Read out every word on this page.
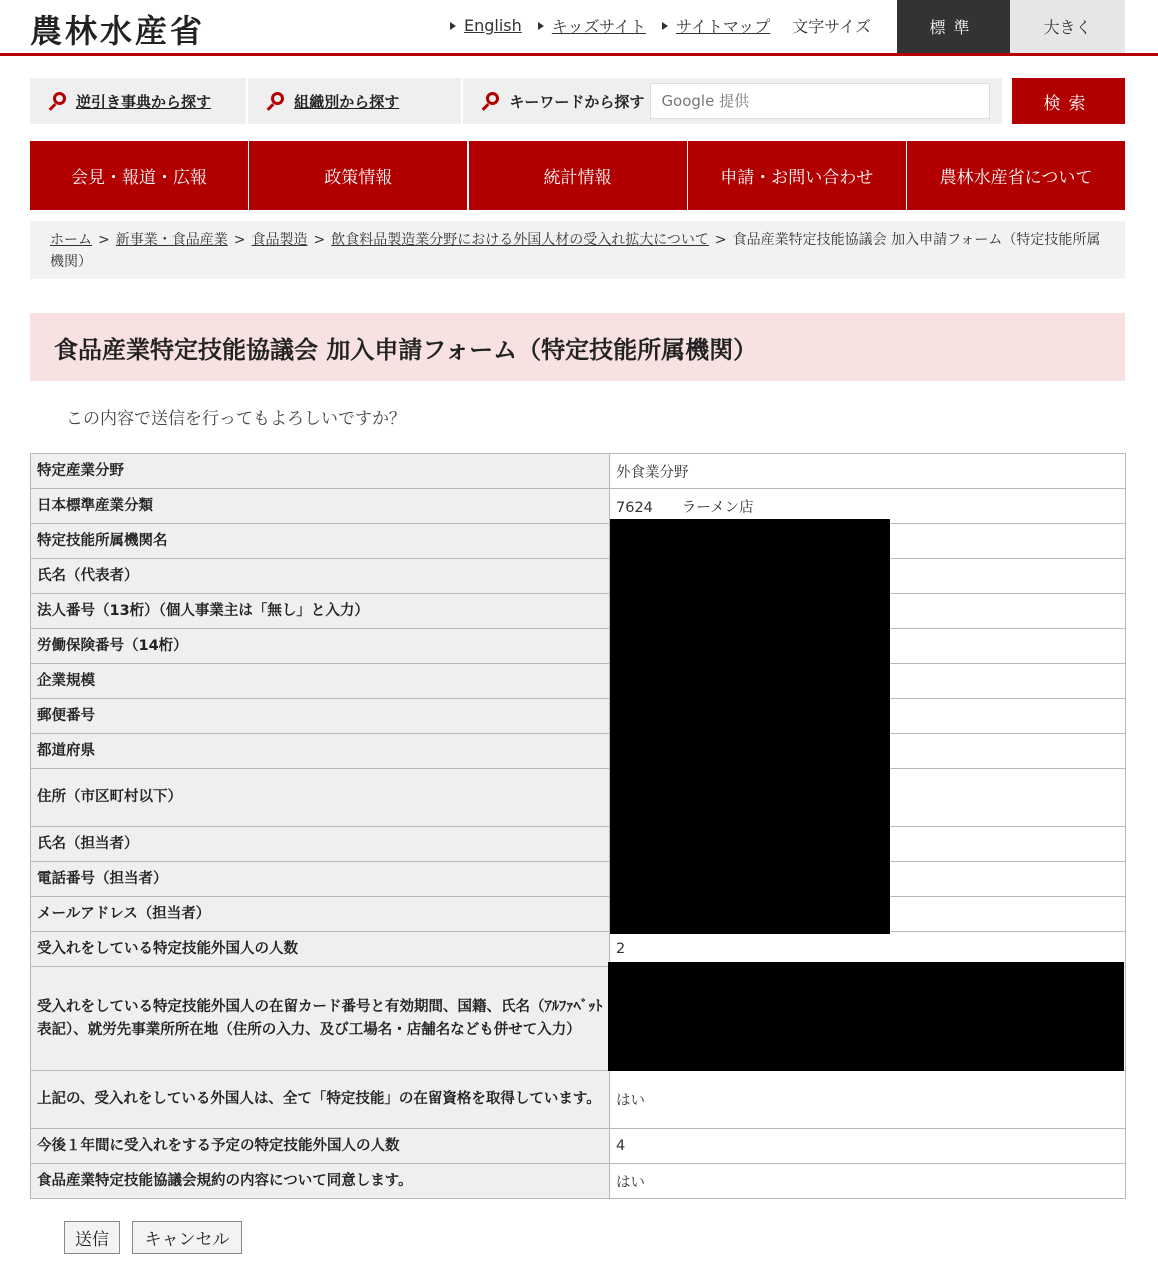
農林水産省	English キッズサイト サイトマップ 文字サイズ	標準	大きく
逆引き事典から探す	組織別から探す	キーワードから探す
Google 提供	検索
会見・報道・広報	政策情報	統計情報	申請・お問い合わせ	農林水産省について
ホーム > 新事業・食品産業 > 食品製造 > 飲食料品製造業分野における外国人材の受入れ拡大について > 食品産業特定技能協議会 加入申請フォーム（特定技能所属機関）
食品産業特定技能協議会 加入申請フォーム（特定技能所属機関）
この内容で送信を行ってもよろしいですか？
特定産業分野	外食業分野
日本標準産業分類	7624　　ラーメン店
特定技能所属機関名	
氏名（代表者）	
法人番号（13桁）（個人事業主は「無し」と入力）	
労働保険番号（14桁）	
企業規模	
郵便番号	
都道府県	
住所（市区町村以下）	
氏名（担当者）	
電話番号（担当者）	
メールアドレス（担当者）	
受入れをしている特定技能外国人の人数	2
受入れをしている特定技能外国人の在留カード番号と有効期間、国籍、氏名（ｱﾙﾌｧﾍﾞｯﾄ表記）、就労先事業所所在地（住所の入力、及び工場名・店舗名なども併せて入力）	
上記の、受入れをしている外国人は、全て「特定技能」の在留資格を取得しています。	はい
今後１年間に受入れをする予定の特定技能外国人の人数	4
食品産業特定技能協議会規約の内容について同意します。	はい
送信	キャンセル
